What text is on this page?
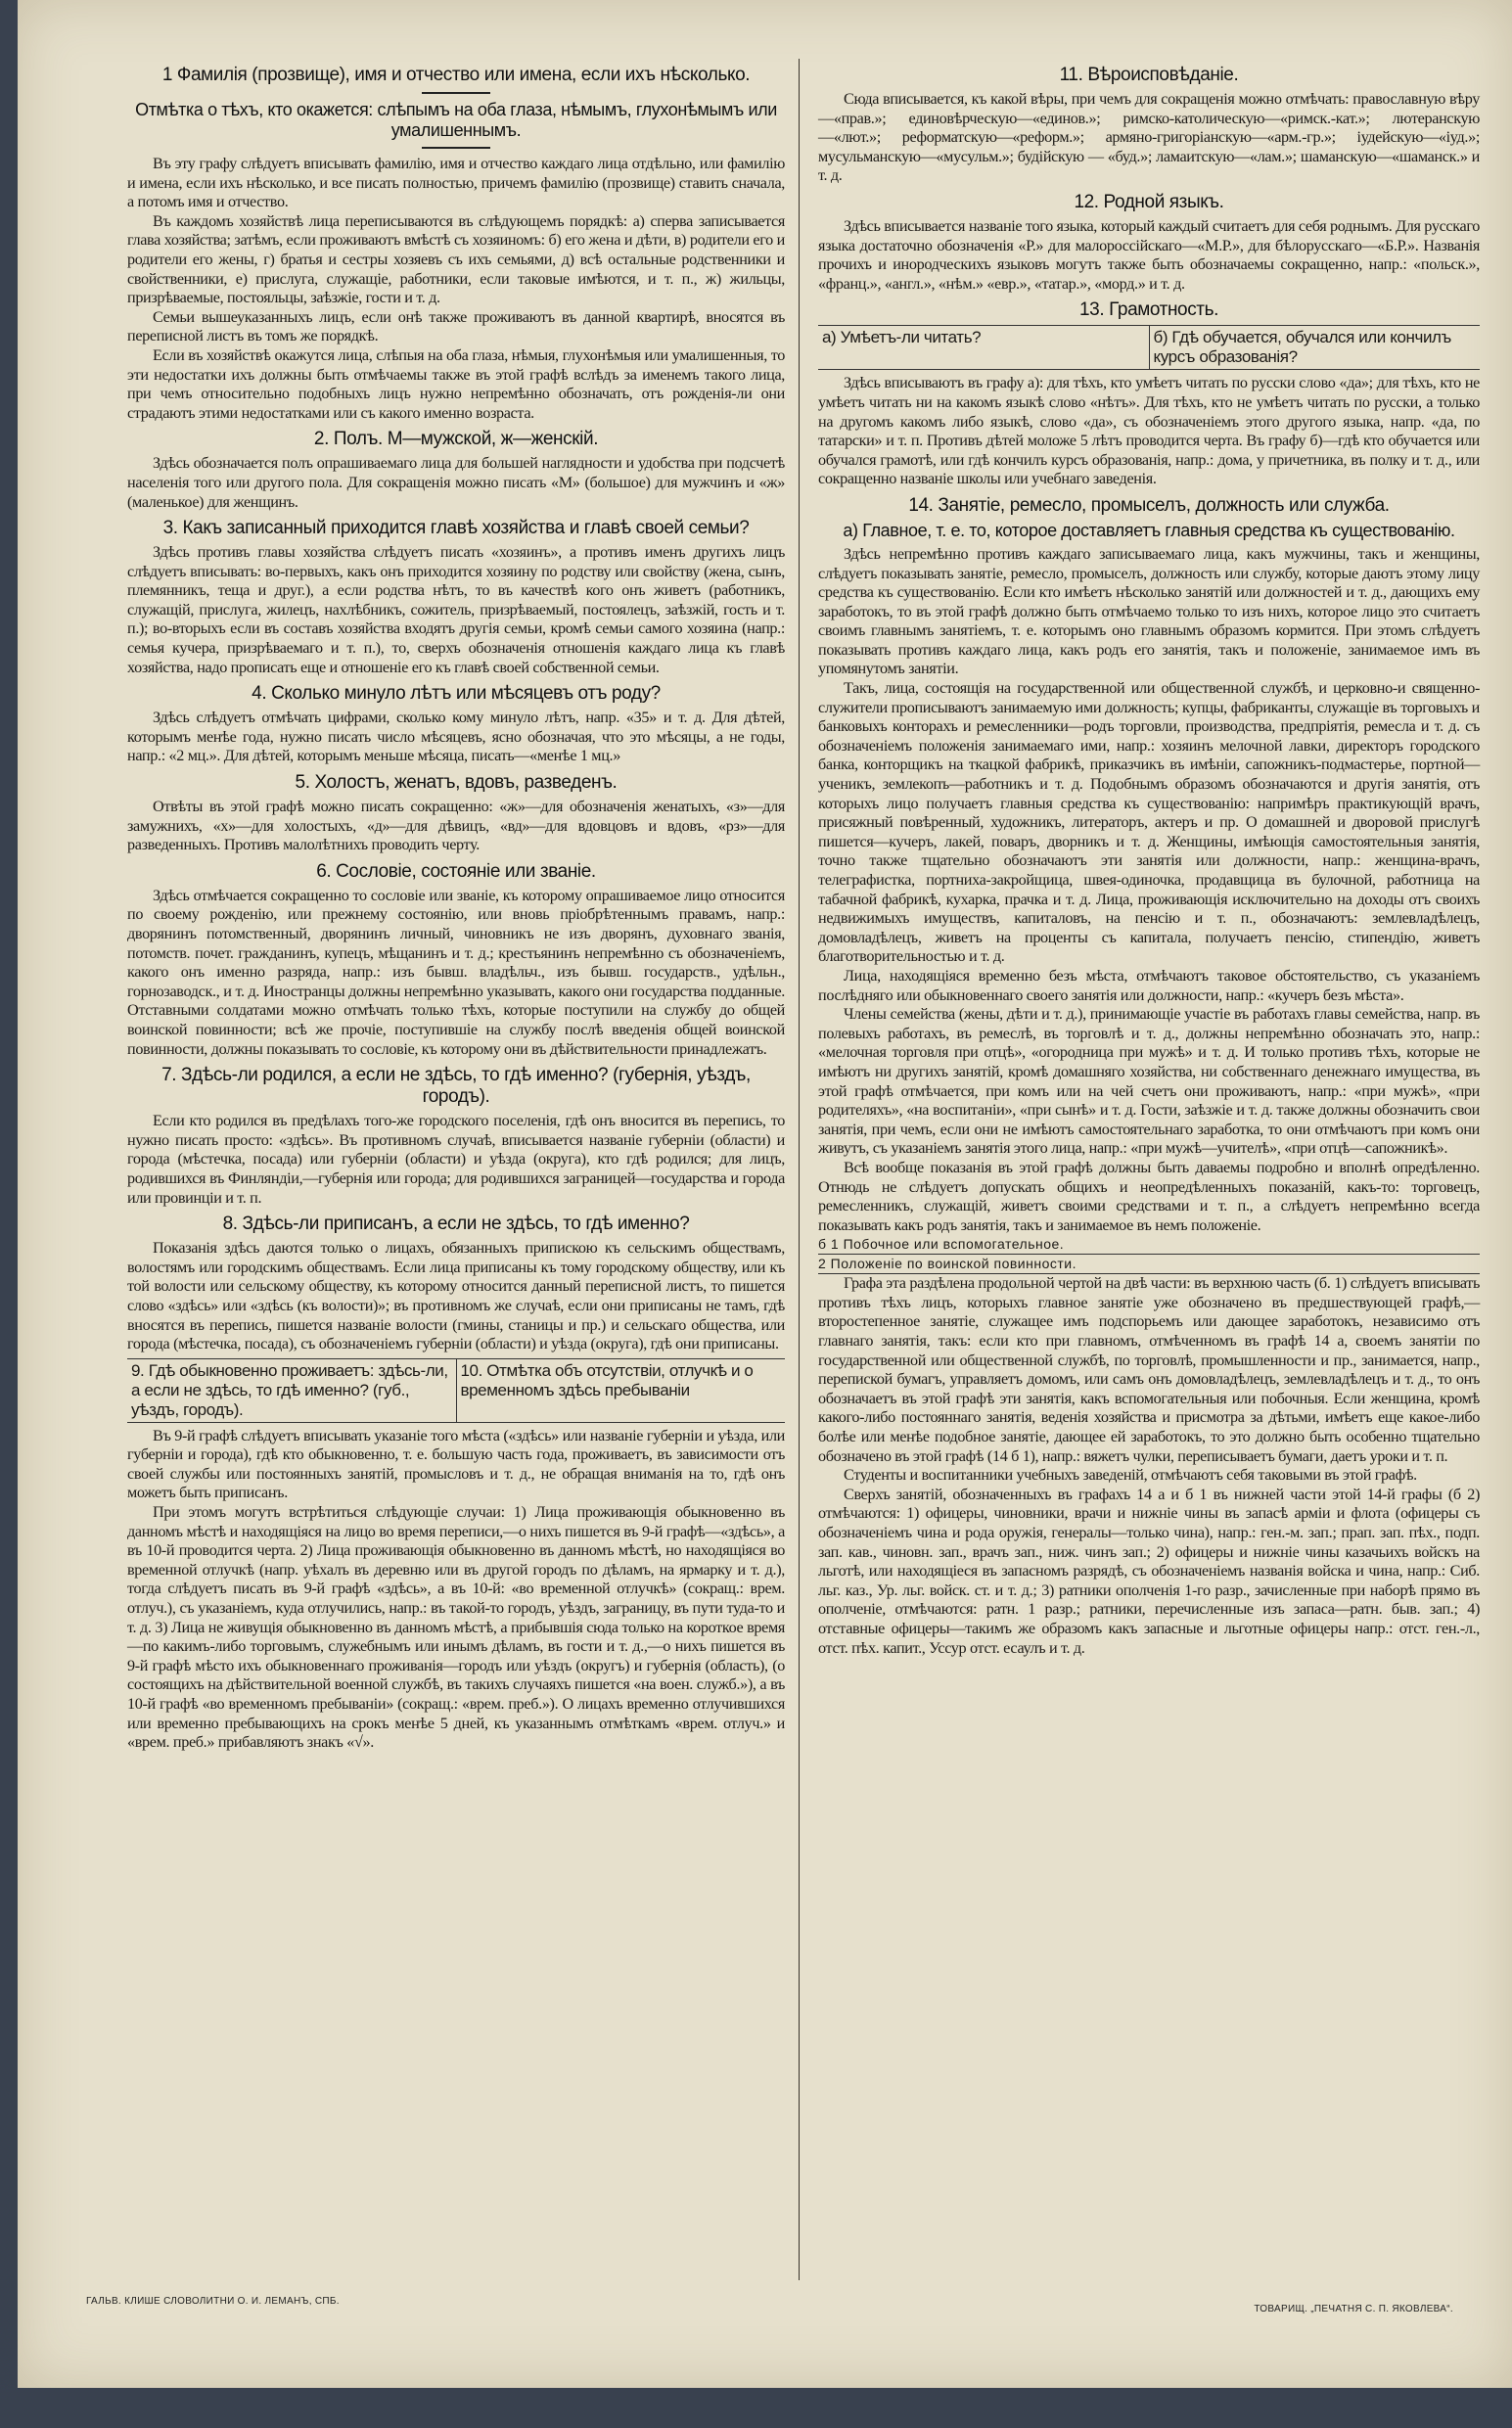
1 Фамилія (прозвище), имя и отчество или имена, если ихъ нѣсколько.
Отмѣтка о тѣхъ, кто окажется: слѣпымъ на оба глаза, нѣмымъ, глухонѣмымъ или умалишеннымъ.

Въ эту графу слѣдуетъ вписывать фамилію, имя и отчество каждаго лица отдѣльно, или фамилію и имена, если ихъ нѣсколько, и все писать полностью, причемъ фамилію (прозвище) ставить сначала, а потомъ имя и отчество.

Въ каждомъ хозяйствѣ лица переписываются въ слѣдующемъ порядкѣ: а) сперва записывается глава хозяйства; затѣмъ, если проживаютъ вмѣстѣ съ хозяиномъ: б) его жена и дѣти, в) родители его и родители его жены, г) братья и сестры хозяевъ съ ихъ семьями, д) всѣ остальные родственники и свойственники, е) прислуга, служащіе, работники, если таковые имѣются, и т. п., ж) жильцы, призрѣваемые, постояльцы, заѣзжіе, гости и т. д.

Семьи вышеуказанныхъ лицъ, если онѣ также проживаютъ въ данной квартирѣ, вносятся въ переписной листъ въ томъ же порядкѣ.

Если въ хозяйствѣ окажутся лица, слѣпыя на оба глаза, нѣмыя, глухонѣмыя или умалишенныя, то эти недостатки ихъ должны быть отмѣчаемы также въ этой графѣ вслѣдъ за именемъ такого лица, при чемъ относительно подобныхъ лицъ нужно непремѣнно обозначать, отъ рожденія-ли они страдаютъ этими недостатками или съ какого именно возраста.

2. Полъ. М—мужской, ж—женскій.

Здѣсь обозначается полъ опрашиваемаго лица для большей наглядности и удобства при подсчетѣ населенія того или другого пола. Для сокращенія можно писать «М» (большое) для мужчинъ и «ж» (маленькое) для женщинъ.

3. Какъ записанный приходится главѣ хозяйства и главѣ своей семьи?

Здѣсь противъ главы хозяйства слѣдуетъ писать «хозяинъ», а противъ именъ другихъ лицъ слѣдуетъ вписывать: во-первыхъ, какъ онъ приходится хозяину по родству или свойству (жена, сынъ, племянникъ, теща и друг.), а если родства нѣтъ, то въ качествѣ кого онъ живетъ (работникъ, служащій, прислуга, жилецъ, нахлѣбникъ, сожитель, призрѣваемый, постоялецъ, заѣзжій, гость и т. п.); во-вторыхъ если въ составъ хозяйства входятъ другія семьи, кромѣ семьи самого хозяина (напр.: семья кучера, призрѣваемаго и т. п.), то, сверхъ обозначенія отношенія каждаго лица къ главѣ хозяйства, надо прописать еще и отношеніе его къ главѣ своей собственной семьи.

4. Сколько минуло лѣтъ или мѣсяцевъ отъ роду?

Здѣсь слѣдуетъ отмѣчать цифрами, сколько кому минуло лѣтъ, напр. «35» и т. д. Для дѣтей, которымъ менѣе года, нужно писать число мѣсяцевъ, ясно обозначая, что это мѣсяцы, а не годы, напр.: «2 мц.». Для дѣтей, которымъ меньше мѣсяца, писать—«менѣе 1 мц.»

5. Холостъ, женатъ, вдовъ, разведенъ.

Отвѣты въ этой графѣ можно писать сокращенно: «ж»—для обозначенія женатыхъ, «з»—для замужнихъ, «х»—для холостыхъ, «д»—для дѣвицъ, «вд»—для вдовцовъ и вдовъ, «рз»—для разведенныхъ. Противъ малолѣтнихъ проводить черту.

6. Сословіе, состояніе или званіе.

Здѣсь отмѣчается сокращенно то сословіе или званіе, къ которому опрашиваемое лицо относится по своему рожденію, или прежнему состоянію, или вновь пріобрѣтеннымъ правамъ, напр.: дворянинъ потомственный, дворянинъ личный, чиновникъ не изъ дворянъ, духовнаго званія, потомств. почет. гражданинъ, купецъ, мѣщанинъ и т. д.; крестьянинъ непремѣнно съ обозначеніемъ, какого онъ именно разряда, напр.: изъ бывш. владѣльч., изъ бывш. государств., удѣльн., горнозаводск., и т. д. Иностранцы должны непремѣнно указывать, какого они государства подданные. Отставными солдатами можно отмѣчать только тѣхъ, которые поступили на службу до общей воинской повинности; всѣ же прочіе, поступившіе на службу послѣ введенія общей воинской повинности, должны показывать то сословіе, къ которому они въ дѣйствительности принадлежатъ.

7. Здѣсь-ли родился, а если не здѣсь, то гдѣ именно? (губернія, уѣздъ, городъ).

Если кто родился въ предѣлахъ того-же городского поселенія, гдѣ онъ вносится въ перепись, то нужно писать просто: «здѣсь». Въ противномъ случаѣ, вписывается названіе губерніи (области) и города (мѣстечка, посада) или губерніи (области) и уѣзда (округа), кто гдѣ родился; для лицъ, родившихся въ Финляндіи,—губернія или города; для родившихся заграницей—государства и города или провинціи и т. п.

8. Здѣсь-ли приписанъ, а если не здѣсь, то гдѣ именно?

Показанія здѣсь даются только о лицахъ, обязанныхъ припискою къ сельскимъ обществамъ, волостямъ или городскимъ обществамъ. Если лица приписаны къ тому городскому обществу, или къ той волости или сельскому обществу, къ которому относится данный переписной листъ, то пишется слово «здѣсь» или «здѣсь (къ волости)»; въ противномъ же случаѣ, если они приписаны не тамъ, гдѣ вносятся въ перепись, пишется названіе волости (гмины, станицы и пр.) и сельскаго общества, или города (мѣстечка, посада), съ обозначеніемъ губерніи (области) и уѣзда (округа), гдѣ они приписаны.

9. Гдѣ обыкновенно проживаетъ: здѣсь-ли, а если не здѣсь, то гдѣ именно? (губ., уѣздъ, городъ).
10. Отмѣтка объ отсутствіи, отлучкѣ и о временномъ здѣсь пребываніи

Въ 9-й графѣ слѣдуетъ вписывать указаніе того мѣста («здѣсь» или названіе губерніи и уѣзда, или губерніи и города), гдѣ кто обыкновенно, т. е. большую часть года, проживаетъ, въ зависимости отъ своей службы или постоянныхъ занятій, промысловъ и т. д., не обращая вниманія на то, гдѣ онъ можетъ быть приписанъ.

При этомъ могутъ встрѣтиться слѣдующіе случаи: 1) Лица проживающія обыкновенно въ данномъ мѣстѣ и находящіяся на лицо во время переписи,—о нихъ пишется въ 9-й графѣ—«здѣсь», а въ 10-й проводится черта. 2) Лица проживающія обыкновенно въ данномъ мѣстѣ, но находящіяся во временной отлучкѣ (напр. уѣхалъ въ деревню или въ другой городъ по дѣламъ, на ярмарку и т. д.), тогда слѣдуетъ писать въ 9-й графѣ «здѣсь», а въ 10-й: «во временной отлучкѣ» (сокращ.: врем. отлуч.), съ указаніемъ, куда отлучились, напр.: въ такой-то городъ, уѣздъ, заграницу, въ пути туда-то и т. д. 3) Лица не живущія обыкновенно въ данномъ мѣстѣ, а прибывшія сюда только на короткое время—по какимъ-либо торговымъ, служебнымъ или инымъ дѣламъ, въ гости и т. д.,—о нихъ пишется въ 9-й графѣ мѣсто ихъ обыкновеннаго проживанія—городъ или уѣздъ (округъ) и губернія (область), (о состоящихъ на дѣйствительной военной службѣ, въ такихъ случаяхъ пишется «на воен. служб.»), а въ 10-й графѣ «во временномъ пребываніи» (сокращ.: «врем. преб.»). О лицахъ временно отлучившихся или временно пребывающихъ на срокъ менѣе 5 дней, къ указаннымъ отмѣткамъ «врем. отлуч.» и «врем. преб.» прибавляютъ знакъ «√».

11. Вѣроисповѣданіе.

Сюда вписывается, къ какой вѣры, при чемъ для сокращенія можно отмѣчать: православную вѣру—«прав.»; единовѣрческую—«единов.»; римско-католическую—«римск.-кат.»; лютеранскую—«лют.»; реформатскую—«реформ.»; армяно-григоріанскую—«арм.-гр.»; іудейскую—«іуд.»; мусульманскую—«мусульм.»; будійскую — «буд.»; ламаитскую—«лам.»; шаманскую—«шаманск.» и т. д.

12. Родной языкъ.

Здѣсь вписывается названіе того языка, который каждый считаетъ для себя роднымъ. Для русскаго языка достаточно обозначенія «Р.» для малороссійскаго—«М.Р.», для бѣлорусскаго—«Б.Р.». Названія прочихъ и инородческихъ языковъ могутъ также быть обозначаемы сокращенно, напр.: «польск.», «франц.», «англ.», «нѣм.» «евр.», «татар.», «морд.» и т. д.

13. Грамотность.
а) Умѣетъ-ли читать?	б) Гдѣ обучается, обучался или кончилъ курсъ образованія?

Здѣсь вписываютъ въ графу а): для тѣхъ, кто умѣетъ читать по русски слово «да»; для тѣхъ, кто не умѣетъ читать ни на какомъ языкѣ слово «нѣтъ». Для тѣхъ, кто не умѣетъ читать по русски, а только на другомъ какомъ либо языкѣ, слово «да», съ обозначеніемъ этого другого языка, напр. «да, по татарски» и т. п. Противъ дѣтей моложе 5 лѣтъ проводится черта. Въ графу б)—гдѣ кто обучается или обучался грамотѣ, или гдѣ кончилъ курсъ образованія, напр.: дома, у причетника, въ полку и т. д., или сокращенно названіе школы или учебнаго заведенія.

14. Занятіе, ремесло, промыселъ, должность или служба.
а) Главное, т. е. то, которое доставляетъ главныя средства къ существованію.

Здѣсь непремѣнно противъ каждаго записываемаго лица, какъ мужчины, такъ и женщины, слѣдуетъ показывать занятіе, ремесло, промыселъ, должность или службу, которые даютъ этому лицу средства къ существованію. Если кто имѣетъ нѣсколько занятій или должностей и т. д., дающихъ ему заработокъ, то въ этой графѣ должно быть отмѣчаемо только то изъ нихъ, которое лицо это считаетъ своимъ главнымъ занятіемъ, т. е. которымъ оно главнымъ образомъ кормится. При этомъ слѣдуетъ показывать противъ каждаго лица, какъ родъ его занятія, такъ и положеніе, занимаемое имъ въ упомянутомъ занятіи.

Такъ, лица, состоящія на государственной или общественной службѣ, и церковно-и священно-служители прописываютъ занимаемую ими должность; купцы, фабриканты, служащіе въ торговыхъ и банковыхъ конторахъ и ремесленники—родъ торговли, производства, предпріятія, ремесла и т. д. съ обозначеніемъ положенія занимаемаго ими, напр.: хозяинъ мелочной лавки, директоръ городского банка, конторщикъ на ткацкой фабрикѣ, приказчикъ въ имѣніи, сапожникъ-подмастерье, портной—ученикъ, землекопъ—работникъ и т. д. Подобнымъ образомъ обозначаются и другія занятія, отъ которыхъ лицо получаетъ главныя средства къ существованію: напримѣръ практикующій врачъ, присяжный повѣренный, художникъ, литераторъ, актеръ и пр. О домашней и дворовой прислугѣ пишется—кучеръ, лакей, поваръ, дворникъ и т. д. Женщины, имѣющія самостоятельныя занятія, точно также тщательно обозначаютъ эти занятія или должности, напр.: женщина-врачъ, телеграфистка, портниха-закройщица, швея-одиночка, продавщица въ булочной, работница на табачной фабрикѣ, кухарка, прачка и т. д. Лица, проживающія исключительно на доходы отъ своихъ недвижимыхъ имуществъ, капиталовъ, на пенсію и т. п., обозначаютъ: землевладѣлецъ, домовладѣлецъ, живетъ на проценты съ капитала, получаетъ пенсію, стипендію, живетъ благотворительностью и т. д.

Лица, находящіяся временно безъ мѣста, отмѣчаютъ таковое обстоятельство, съ указаніемъ послѣдняго или обыкновеннаго своего занятія или должности, напр.: «кучеръ безъ мѣста».

Члены семейства (жены, дѣти и т. д.), принимающіе участіе въ работахъ главы семейства, напр. въ полевыхъ работахъ, въ ремеслѣ, въ торговлѣ и т. д., должны непремѣнно обозначать это, напр.: «мелочная торговля при отцѣ», «огородница при мужѣ» и т. д. И только противъ тѣхъ, которые не имѣютъ ни другихъ занятій, кромѣ домашняго хозяйства, ни собственнаго денежнаго имущества, въ этой графѣ отмѣчается, при комъ или на чей счетъ они проживаютъ, напр.: «при мужѣ», «при родителяхъ», «на воспитаніи», «при сынѣ» и т. д. Гости, заѣзжіе и т. д. также должны обозначить свои занятія, при чемъ, если они не имѣютъ самостоятельнаго заработка, то они отмѣчаютъ при комъ они живутъ, съ указаніемъ занятія этого лица, напр.: «при мужѣ—учителѣ», «при отцѣ—сапожникѣ».

Всѣ вообще показанія въ этой графѣ должны быть даваемы подробно и вполнѣ опредѣленно. Отнюдь не слѣдуетъ допускать общихъ и неопредѣленныхъ показаній, какъ-то: торговецъ, ремесленникъ, служащій, живетъ своими средствами и т. п., а слѣдуетъ непремѣнно всегда показывать какъ родъ занятія, такъ и занимаемое въ немъ положеніе.

б 1 Побочное или вспомогательное.
2 Положеніе по воинской повинности.

Графа эта раздѣлена продольной чертой на двѣ части: въ верхнюю часть (б. 1) слѣдуетъ вписывать противъ тѣхъ лицъ, которыхъ главное занятіе уже обозначено въ предшествующей графѣ,—второстепенное занятіе, служащее имъ подспорьемъ или дающее заработокъ, независимо отъ главнаго занятія, такъ: если кто при главномъ, отмѣченномъ въ графѣ 14 а, своемъ занятіи по государственной или общественной службѣ, по торговлѣ, промышленности и пр., занимается, напр., перепиской бумагъ, управляетъ домомъ, или самъ онъ домовладѣлецъ, землевладѣлецъ и т. д., то онъ обозначаетъ въ этой графѣ эти занятія, какъ вспомогательныя или побочныя. Если женщина, кромѣ какого-либо постояннаго занятія, веденія хозяйства и присмотра за дѣтьми, имѣетъ еще какое-либо болѣе или менѣе подобное занятіе, дающее ей заработокъ, то это должно быть особенно тщательно обозначено въ этой графѣ (14 б 1), напр.: вяжетъ чулки, переписываетъ бумаги, даетъ уроки и т. п.

Студенты и воспитанники учебныхъ заведеній, отмѣчаютъ себя таковыми въ этой графѣ.

Сверхъ занятій, обозначенныхъ въ графахъ 14 а и б 1 въ нижней части этой 14-й графы (б 2) отмѣчаются: 1) офицеры, чиновники, врачи и нижніе чины въ запасѣ арміи и флота (офицеры съ обозначеніемъ чина и рода оружія, генералы—только чина), напр.: ген.-м. зап.; прап. зап. пѣх., подп. зап. кав., чиновн. зап., врачъ зап., ниж. чинъ зап.; 2) офицеры и нижніе чины казачьихъ войскъ на льготѣ, или находящіеся въ запасномъ разрядѣ, съ обозначеніемъ названія войска и чина, напр.: Сиб. льг. каз., Ур. льг. войск. ст. и т. д.; 3) ратники ополченія 1-го разр., зачисленные при наборѣ прямо въ ополченіе, отмѣчаются: ратн. 1 разр.; ратники, перечисленные изъ запаса—ратн. быв. зап.; 4) отставные офицеры—такимъ же образомъ какъ запасные и льготные офицеры напр.: отст. ген.-л., отст. пѣх. капит., Уссур отст. есаулъ и т. д.

ГАЛЬВ. КЛИШЕ СЛОВОЛИТНИ О. И. ЛЕМАНЪ, СПБ.
ТОВАРИЩ. „ПЕЧАТНЯ С. П. ЯКОВЛЕВА“.
